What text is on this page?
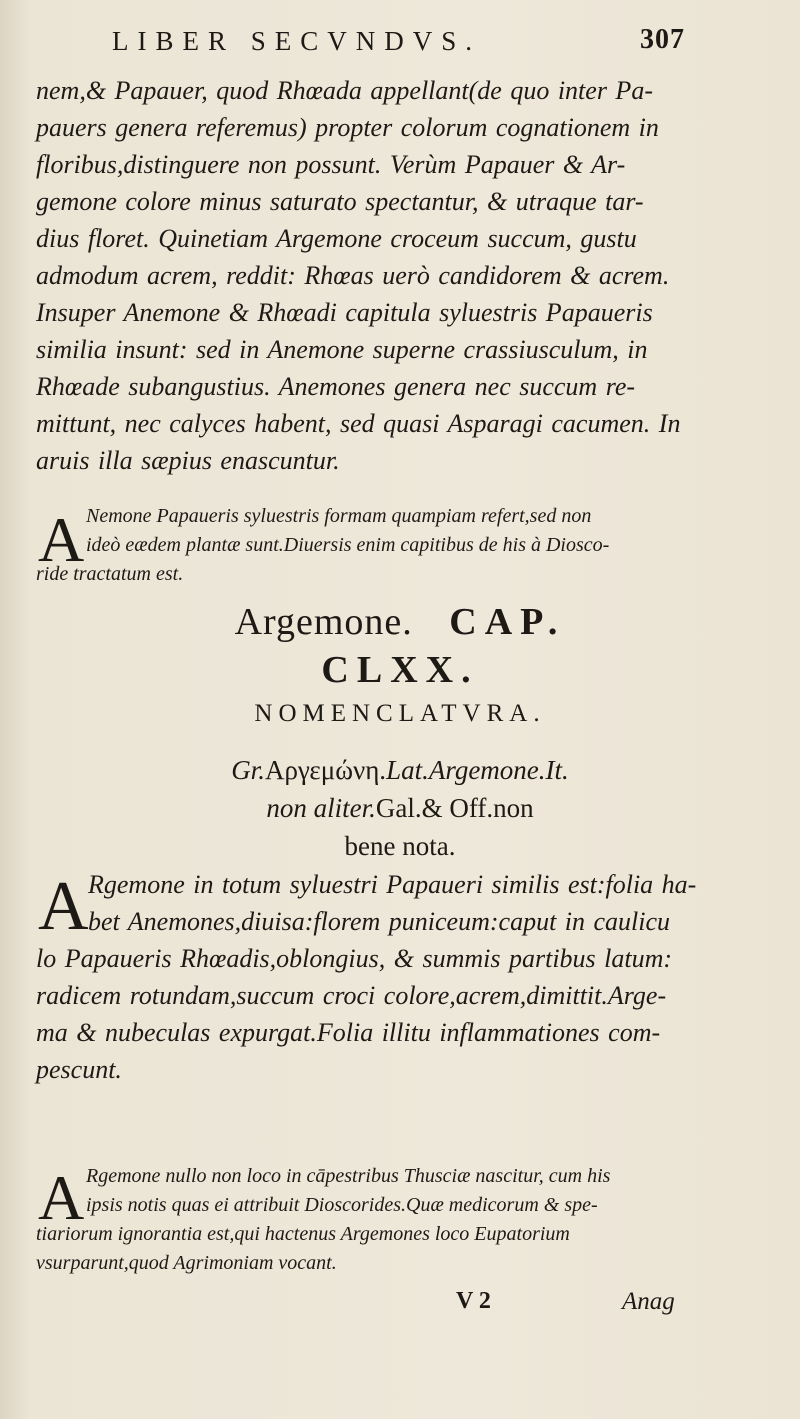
LIBER SECVNDVS.	307
nem,& Papauer, quod Rhœada appellant(de quo inter Pa-
pauers genera referemus) propter colorum cognationem in
floribus,distinguere non possunt. Verùm Papauer & Ar-
gemone colore minus saturato spectantur, & utraque tar-
dius floret. Quinetiam Argemone croceum succum, gustu
admodum acrem, reddit: Rhœas uerò candidorem & acrem.
Insuper Anemone & Rhœadi capitula syluestris Papaueris
similia insunt: sed in Anemone superne crassiusculum, in
Rhœade subangustius. Anemones genera nec succum re-
mittunt, nec calyces habent, sed quasi Asparagi cacumen. In
aruis illa sæpius enascuntur.
A Nemone Papaueris syluestris formam quampiam refert,sed non
ideò eædem plantæ sunt.Diuersis enim capitibus de his à Diosco-
ride tractatum est.
Argemone. CAP.
CLXX.
NOMENCLATVRA.
Gr.Αργεμώνη.Lat.Argemone.It.
non aliter.Gal.& Off.non
bene nota.
A Rgemone in totum syluestri Papaueri similis est:folia ha-
bet Anemones,diuisa:florem puniceum:caput in caulicu
lo Papaueris Rhœadis,oblongius, & summis partibus latum:
radicem rotundam,succum croci colore,acrem,dimittit.Arge-
ma & nubeculas expurgat.Folia illitu inflammationes com-
pescunt.
A Rgemone nullo non loco in cāpestribus Thusciæ nascitur, cum his
ipsis notis quas ei attribuit Dioscorides.Quæ medicorum & spe-
tiariorum ignorantia est,qui hactenus Argemones loco Eupatorium
vsurparunt,quod Agrimoniam vocant.
V 2	Anag
